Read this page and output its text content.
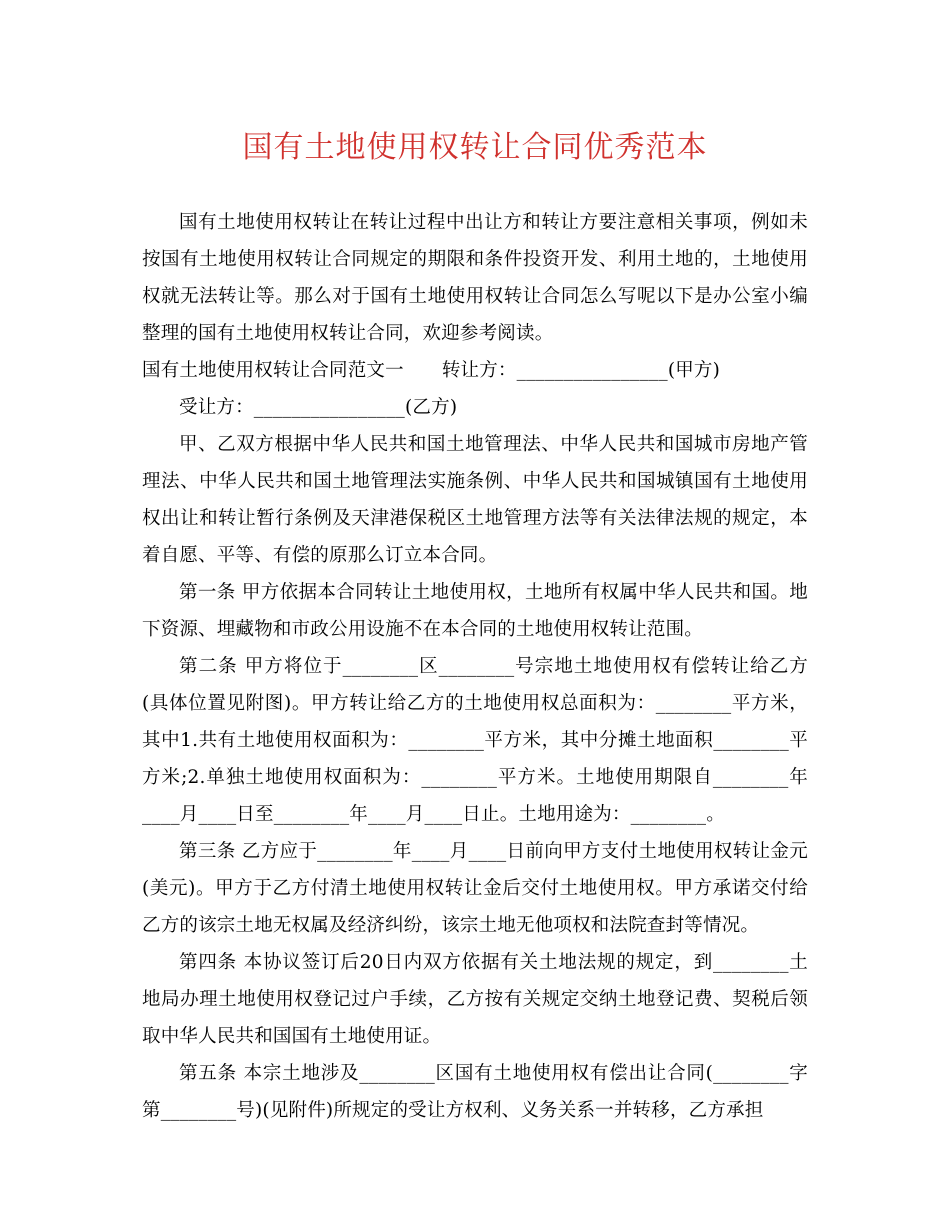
国有土地使用权转让合同优秀范本

国有土地使用权转让在转让过程中出让方和转让方要注意相关事项，例如未按国有土地使用权转让合同规定的期限和条件投资开发、利用土地的，土地使用权就无法转让等。那么对于国有土地使用权转让合同怎么写呢以下是办公室小编整理的国有土地使用权转让合同，欢迎参考阅读。

国有土地使用权转让合同范文一 转让方：________________(甲方)

受让方：________________(乙方)

甲、乙双方根据中华人民共和国土地管理法、中华人民共和国城市房地产管理法、中华人民共和国土地管理法实施条例、中华人民共和国城镇国有土地使用权出让和转让暂行条例及天津港保税区土地管理方法等有关法律法规的规定，本着自愿、平等、有偿的原那么订立本合同。

第一条 甲方依据本合同转让土地使用权，土地所有权属中华人民共和国。地下资源、埋藏物和市政公用设施不在本合同的土地使用权转让范围。

第二条 甲方将位于________区________号宗地土地使用权有偿转让给乙方(具体位置见附图)。甲方转让给乙方的土地使用权总面积为：________平方米，其中1.共有土地使用权面积为：________平方米，其中分摊土地面积________平方米;2.单独土地使用权面积为：________平方米。土地使用期限自________年____月____日至________年____月____日止。土地用途为：________。

第三条 乙方应于________年____月____日前向甲方支付土地使用权转让金元(美元)。甲方于乙方付清土地使用权转让金后交付土地使用权。甲方承诺交付给乙方的该宗土地无权属及经济纠纷，该宗土地无他项权和法院查封等情况。

第四条 本协议签订后20日内双方依据有关土地法规的规定，到________土地局办理土地使用权登记过户手续，乙方按有关规定交纳土地登记费、契税后领取中华人民共和国国有土地使用证。

第五条 本宗土地涉及________区国有土地使用权有偿出让合同(________字第________号)(见附件)所规定的受让方权利、义务关系一并转移，乙方承担
